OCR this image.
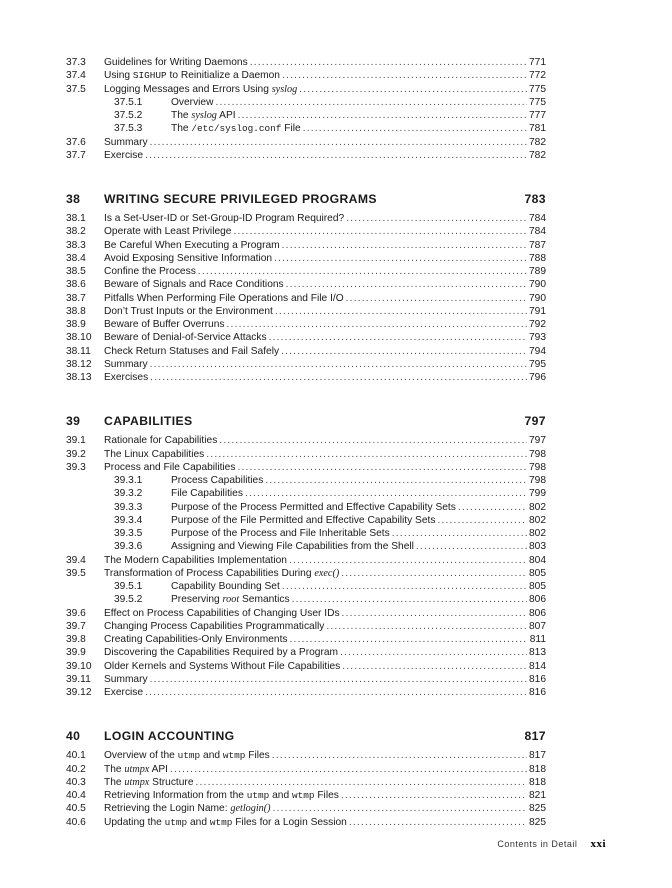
Contents in Detail xxi
37.3 Guidelines for Writing Daemons .....	771
37.4 Using SIGHUP to Reinitialize a Daemon .....	772
37.5 Logging Messages and Errors Using syslog .....	775
37.5.1	Overview .....	775
37.5.2	The syslog API .....	777
37.5.3	The /etc/syslog.conf File .....	781
37.6 Summary .....	782
37.7 Exercise .....	782
38 WRITING SECURE PRIVILEGED PROGRAMS	783
38.1 Is a Set-User-ID or Set-Group-ID Program Required? .....	784
38.2 Operate with Least Privilege .....	784
38.3 Be Careful When Executing a Program .....	787
38.4 Avoid Exposing Sensitive Information .....	788
38.5 Confine the Process .....	789
38.6 Beware of Signals and Race Conditions .....	790
38.7 Pitfalls When Performing File Operations and File I/O .....	790
38.8 Don’t Trust Inputs or the Environment .....	791
38.9 Beware of Buffer Overruns .....	792
38.10 Beware of Denial-of-Service Attacks .....	793
38.11 Check Return Statuses and Fail Safely .....	794
38.12 Summary .....	795
38.13 Exercises .....	796
39 CAPABILITIES	797
39.1 Rationale for Capabilities .....	797
39.2 The Linux Capabilities .....	798
39.3 Process and File Capabilities .....	798
39.3.1	Process Capabilities .....	798
39.3.2	File Capabilities .....	799
39.3.3	Purpose of the Process Permitted and Effective Capability Sets .....	802
39.3.4	Purpose of the File Permitted and Effective Capability Sets .....	802
39.3.5	Purpose of the Process and File Inheritable Sets .....	802
39.3.6	Assigning and Viewing File Capabilities from the Shell .....	803
39.4 The Modern Capabilities Implementation .....	804
39.5 Transformation of Process Capabilities During exec() .....	805
39.5.1	Capability Bounding Set .....	805
39.5.2	Preserving root Semantics .....	806
39.6 Effect on Process Capabilities of Changing User IDs .....	806
39.7 Changing Process Capabilities Programmatically .....	807
39.8 Creating Capabilities-Only Environments .....	811
39.9 Discovering the Capabilities Required by a Program .....	813
39.10 Older Kernels and Systems Without File Capabilities .....	814
39.11 Summary .....	816
39.12 Exercise .....	816
40 LOGIN ACCOUNTING	817
40.1 Overview of the utmp and wtmp Files .....	817
40.2 The utmpx API .....	818
40.3 The utmpx Structure .....	818
40.4 Retrieving Information from the utmp and wtmp Files .....	821
40.5 Retrieving the Login Name: getlogin() .....	825
40.6 Updating the utmp and wtmp Files for a Login Session .....	825
